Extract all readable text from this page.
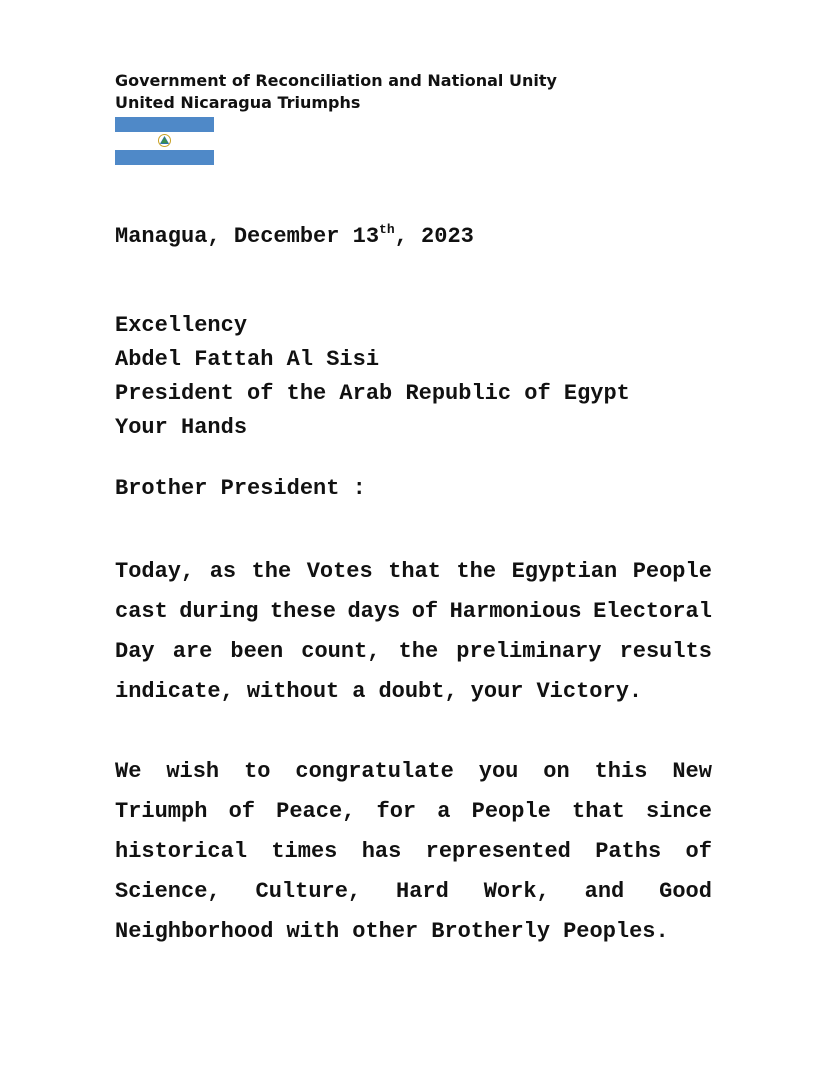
Government of Reconciliation and National Unity
United Nicaragua Triumphs
Managua, December 13th, 2023
Excellency
Abdel Fattah Al Sisi
President of the Arab Republic of Egypt
Your Hands
Brother President :
Today, as the Votes that the Egyptian People
cast during these days of Harmonious Electoral
Day are been count, the preliminary results
indicate, without a doubt, your Victory.
We wish to congratulate you on this New
Triumph of Peace, for a People that since
historical times has represented Paths of
Science, Culture, Hard Work, and Good
Neighborhood with other Brotherly Peoples.
